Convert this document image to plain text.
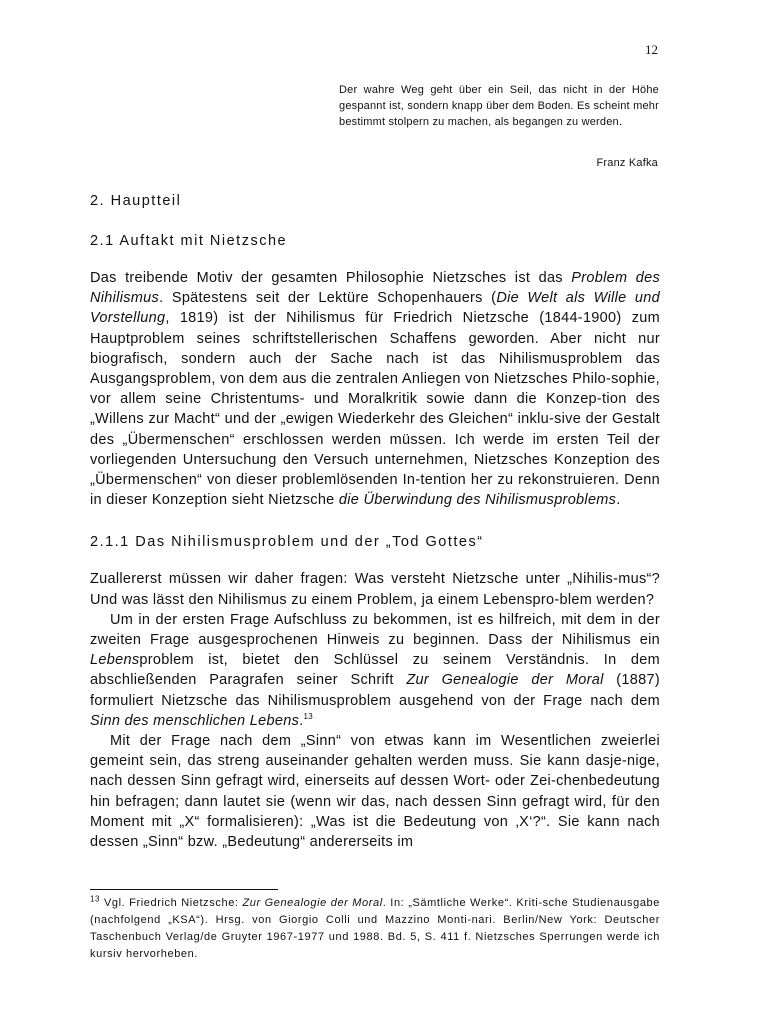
12
Der wahre Weg geht über ein Seil, das nicht in der Höhe gespannt ist, sondern knapp über dem Boden. Es scheint mehr bestimmt stolpern zu machen, als begangen zu werden.
Franz Kafka
2. Hauptteil
2.1 Auftakt mit Nietzsche

Das treibende Motiv der gesamten Philosophie Nietzsches ist das Problem des Nihilismus. Spätestens seit der Lektüre Schopenhauers (Die Welt als Wille und Vorstellung, 1819) ist der Nihilismus für Friedrich Nietzsche (1844-1900) zum Hauptproblem seines schriftstellerischen Schaffens geworden. Aber nicht nur biografisch, sondern auch der Sache nach ist das Nihilismusproblem das Ausgangsproblem, von dem aus die zentralen Anliegen von Nietzsches Philo-sophie, vor allem seine Christentums- und Moralkritik sowie dann die Konzep-tion des „Willens zur Macht“ und der „ewigen Wiederkehr des Gleichen“ inklu-sive der Gestalt des „Übermenschen“ erschlossen werden müssen. Ich werde im ersten Teil der vorliegenden Untersuchung den Versuch unternehmen, Nietzsches Konzeption des „Übermenschen“ von dieser problemlösenden In-tention her zu rekonstruieren. Denn in dieser Konzeption sieht Nietzsche die Überwindung des Nihilismusproblems.

2.1.1 Das Nihilismusproblem und der „Tod Gottes“

Zuallererst müssen wir daher fragen: Was versteht Nietzsche unter „Nihilis-mus“? Und was lässt den Nihilismus zu einem Problem, ja einem Lebenspro-blem werden?

Um in der ersten Frage Aufschluss zu bekommen, ist es hilfreich, mit dem in der zweiten Frage ausgesprochenen Hinweis zu beginnen. Dass der Nihilismus ein Lebensproblem ist, bietet den Schlüssel zu seinem Verständnis. In dem abschließenden Paragrafen seiner Schrift Zur Genealogie der Moral (1887) formuliert Nietzsche das Nihilismusproblem ausgehend von der Frage nach dem Sinn des menschlichen Lebens.$^{13}$

Mit der Frage nach dem „Sinn“ von etwas kann im Wesentlichen zweierlei gemeint sein, das streng auseinander gehalten werden muss. Sie kann dasje-nige, nach dessen Sinn gefragt wird, einerseits auf dessen Wort- oder Zei-chenbedeutung hin befragen; dann lautet sie (wenn wir das, nach dessen Sinn gefragt wird, für den Moment mit „X“ formalisieren): „Was ist die Bedeutung von ‚X‘?“. Sie kann nach dessen „Sinn“ bzw. „Bedeutung“ andererseits im

$^{13}$ Vgl. Friedrich Nietzsche: Zur Genealogie der Moral. In: „Sämtliche Werke“. Kriti-sche Studienausgabe (nachfolgend „KSA“). Hrsg. von Giorgio Colli und Mazzino Monti-nari. Berlin/New York: Deutscher Taschenbuch Verlag/de Gruyter 1967-1977 und 1988. Bd. 5, S. 411 f. Nietzsches Sperrungen werde ich kursiv hervorheben.
